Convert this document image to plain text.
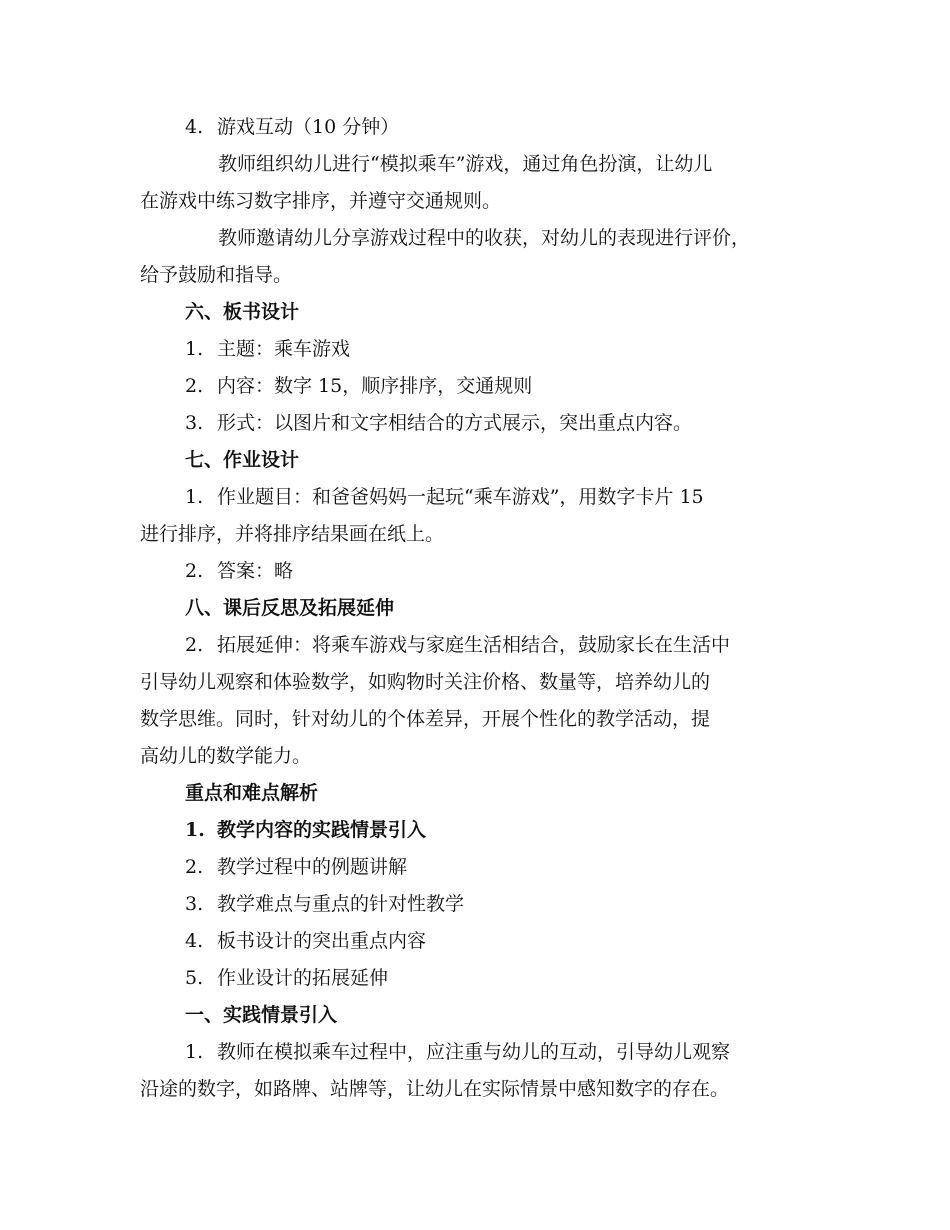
4. 游戏互动（10 分钟）
教师组织幼儿进行“模拟乘车”游戏，通过角色扮演，让幼儿
在游戏中练习数字排序，并遵守交通规则。
教师邀请幼儿分享游戏过程中的收获，对幼儿的表现进行评价，
给予鼓励和指导。
六、板书设计
1. 主题：乘车游戏
2. 内容：数字 15，顺序排序，交通规则
3. 形式：以图片和文字相结合的方式展示，突出重点内容。
七、作业设计
1. 作业题目：和爸爸妈妈一起玩“乘车游戏”，用数字卡片 15
进行排序，并将排序结果画在纸上。
2. 答案：略
八、课后反思及拓展延伸
2. 拓展延伸：将乘车游戏与家庭生活相结合，鼓励家长在生活中
引导幼儿观察和体验数学，如购物时关注价格、数量等，培养幼儿的
数学思维。同时，针对幼儿的个体差异，开展个性化的教学活动，提
高幼儿的数学能力。
重点和难点解析
1. 教学内容的实践情景引入
2. 教学过程中的例题讲解
3. 教学难点与重点的针对性教学
4. 板书设计的突出重点内容
5. 作业设计的拓展延伸
一、实践情景引入
1. 教师在模拟乘车过程中，应注重与幼儿的互动，引导幼儿观察
沿途的数字，如路牌、站牌等，让幼儿在实际情景中感知数字的存在。
